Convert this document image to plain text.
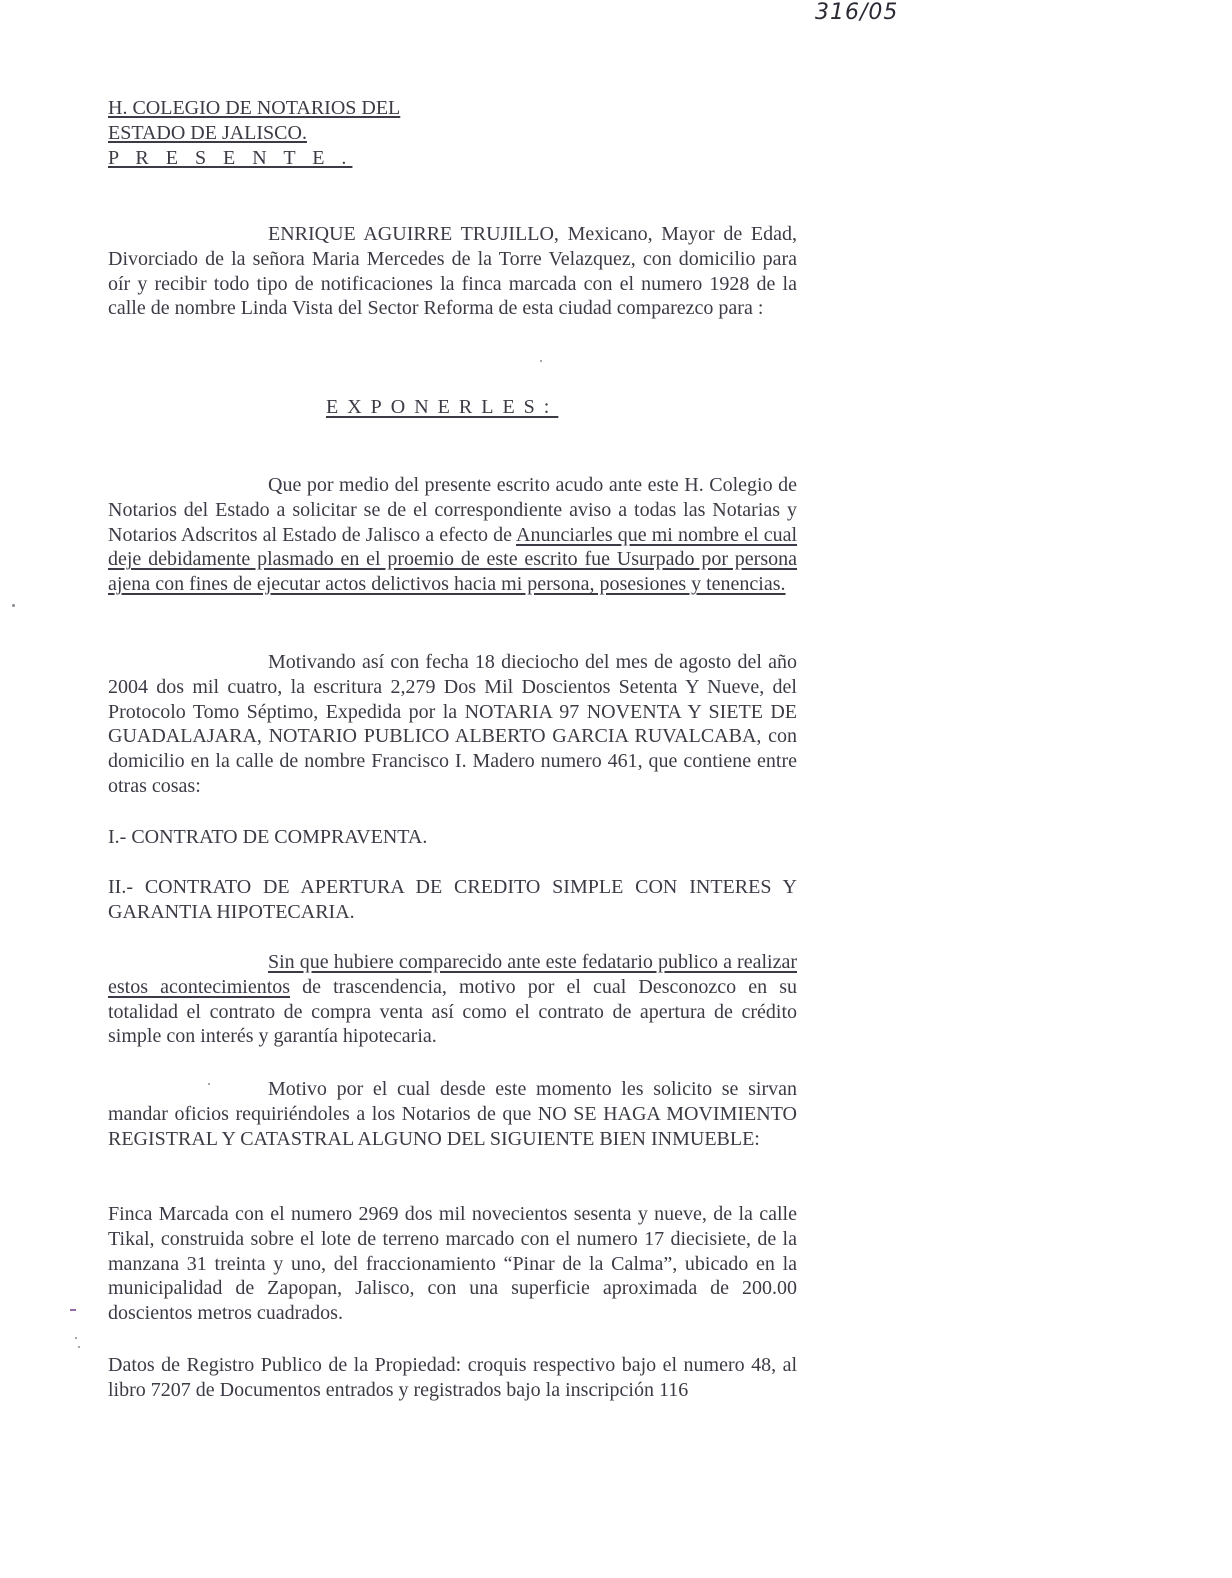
316/05
H. COLEGIO DE NOTARIOS DEL
ESTADO DE JALISCO.
P R E S E N T E .

ENRIQUE AGUIRRE TRUJILLO, Mexicano, Mayor de Edad, Divorciado de la señora Maria Mercedes de la Torre Velazquez, con domicilio para oír y recibir todo tipo de notificaciones la finca marcada con el numero 1928 de la calle de nombre Linda Vista del Sector Reforma de esta ciudad comparezco para :

EXPONERLES:

Que por medio del presente escrito acudo ante este H. Colegio de Notarios del Estado a solicitar se de el correspondiente aviso a todas las Notarias y Notarios Adscritos al Estado de Jalisco a efecto de Anunciarles que mi nombre el cual deje debidamente plasmado en el proemio de este escrito fue Usurpado por persona ajena con fines de ejecutar actos delictivos hacia mi persona, posesiones y tenencias.

Motivando así con fecha 18 dieciocho del mes de agosto del año 2004 dos mil cuatro, la escritura 2,279 Dos Mil Doscientos Setenta Y Nueve, del Protocolo Tomo Séptimo, Expedida por la NOTARIA 97 NOVENTA Y SIETE DE GUADALAJARA, NOTARIO PUBLICO ALBERTO GARCIA RUVALCABA, con domicilio en la calle de nombre Francisco I. Madero numero 461, que contiene entre otras cosas:

I.- CONTRATO DE COMPRAVENTA.
II.- CONTRATO DE APERTURA DE CREDITO SIMPLE CON INTERES Y GARANTIA HIPOTECARIA.

Sin que hubiere comparecido ante este fedatario publico a realizar estos acontecimientos de trascendencia, motivo por el cual Desconozco en su totalidad el contrato de compra venta así como el contrato de apertura de crédito simple con interés y garantía hipotecaria.

Motivo por el cual desde este momento les solicito se sirvan mandar oficios requiriéndoles a los Notarios de que NO SE HAGA MOVIMIENTO REGISTRAL Y CATASTRAL ALGUNO DEL SIGUIENTE BIEN INMUEBLE:

Finca Marcada con el numero 2969 dos mil novecientos sesenta y nueve, de la calle Tikal, construida sobre el lote de terreno marcado con el numero 17 diecisiete, de la manzana 31 treinta y uno, del fraccionamiento “Pinar de la Calma”, ubicado en la municipalidad de Zapopan, Jalisco, con una superficie aproximada de 200.00 doscientos metros cuadrados.

Datos de Registro Publico de la Propiedad: croquis respectivo bajo el numero 48, al libro 7207 de Documentos entrados y registrados bajo la inscripción 116
